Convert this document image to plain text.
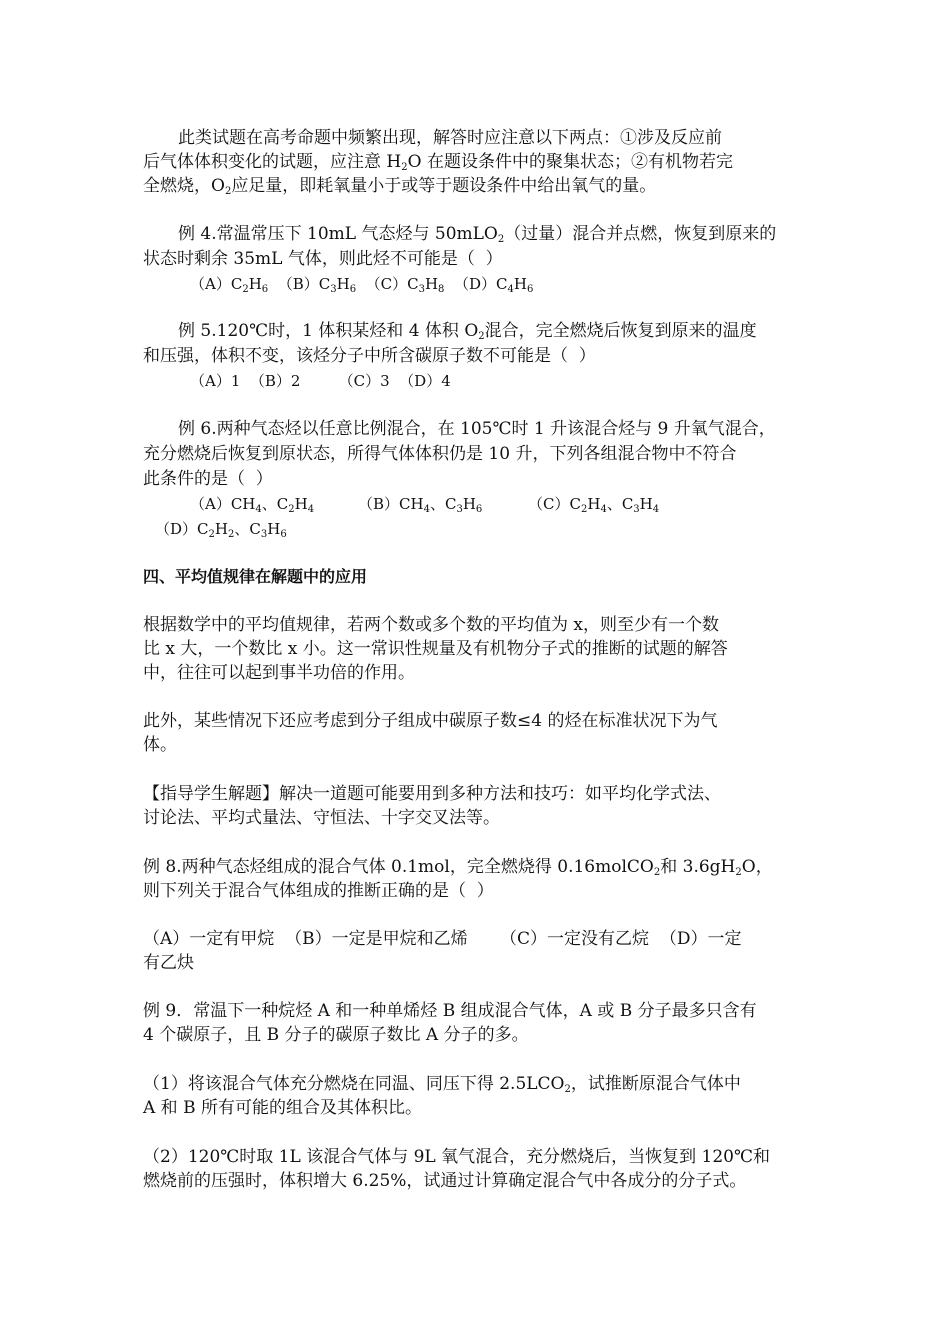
此类试题在高考命题中频繁出现，解答时应注意以下两点：①涉及反应前
后气体体积变化的试题，应注意 $H_2O$ 在题设条件中的聚集状态；②有机物若完
全燃烧，$O_2$应足量，即耗氧量小于或等于题设条件中给出氧气的量。
例 4.常温常压下 10mL 气态烃与 50mLO$_2$（过量）混合并点燃，恢复到原来的
状态时剩余 35mL 气体，则此烃不可能是（  ）
$(A)C_2H_6$ $(B)C_3H_6$ $(C)C_3H_8$ $(D)C_4H_6$
例 5.120℃时，1 体积某烃和 4 体积 $O_2$混合，完全燃烧后恢复到原来的温度
和压强，体积不变，该烃分子中所含碳原子数不可能是（  ）
（A）1  （B）2        （C）3  （D）4
例 6.两种气态烃以任意比例混合，在 105℃时 1 升该混合烃与 9 升氧气混合，
充分燃烧后恢复到原状态，所得气体体积仍是 10 升，下列各组混合物中不符合
此条件的是（  ）
$(A)CH_4$、$C_2H_4$	$(B)CH_4$、$C_3H_6$	$(C)C_2H_4$、$C_3H_4$
$(D)C_2H_2$、$C_3H_6$
四、平均值规律在解题中的应用
根据数学中的平均值规律，若两个数或多个数的平均值为 x，则至少有一个数
比 x 大，一个数比 x 小。这一常识性规量及有机物分子式的推断的试题的解答
中，往往可以起到事半功倍的作用。
此外，某些情况下还应考虑到分子组成中碳原子数≤4 的烃在标准状况下为气
体。
【指导学生解题】解决一道题可能要用到多种方法和技巧：如平均化学式法、
讨论法、平均式量法、守恒法、十字交叉法等。
例 8.两种气态烃组成的混合气体 0.1mol，完全燃烧得 0.16molCO$_2$和 $3.6gH_2O$，
则下列关于混合气体组成的推断正确的是（  ）
（A）一定有甲烷  （B）一定是甲烷和乙烯      （C）一定没有乙烷  （D）一定
有乙炔
例 9．常温下一种烷烃 A 和一种单烯烃 B 组成混合气体，A 或 B 分子最多只含有
4 个碳原子，且 B 分子的碳原子数比 A 分子的多。
（1）将该混合气体充分燃烧在同温、同压下得 $2.5LCO_2$，试推断原混合气体中
A 和 B 所有可能的组合及其体积比。
（2）120℃时取 1L 该混合气体与 9L 氧气混合，充分燃烧后，当恢复到 120℃和
燃烧前的压强时，体积增大 6.25%，试通过计算确定混合气中各成分的分子式。
